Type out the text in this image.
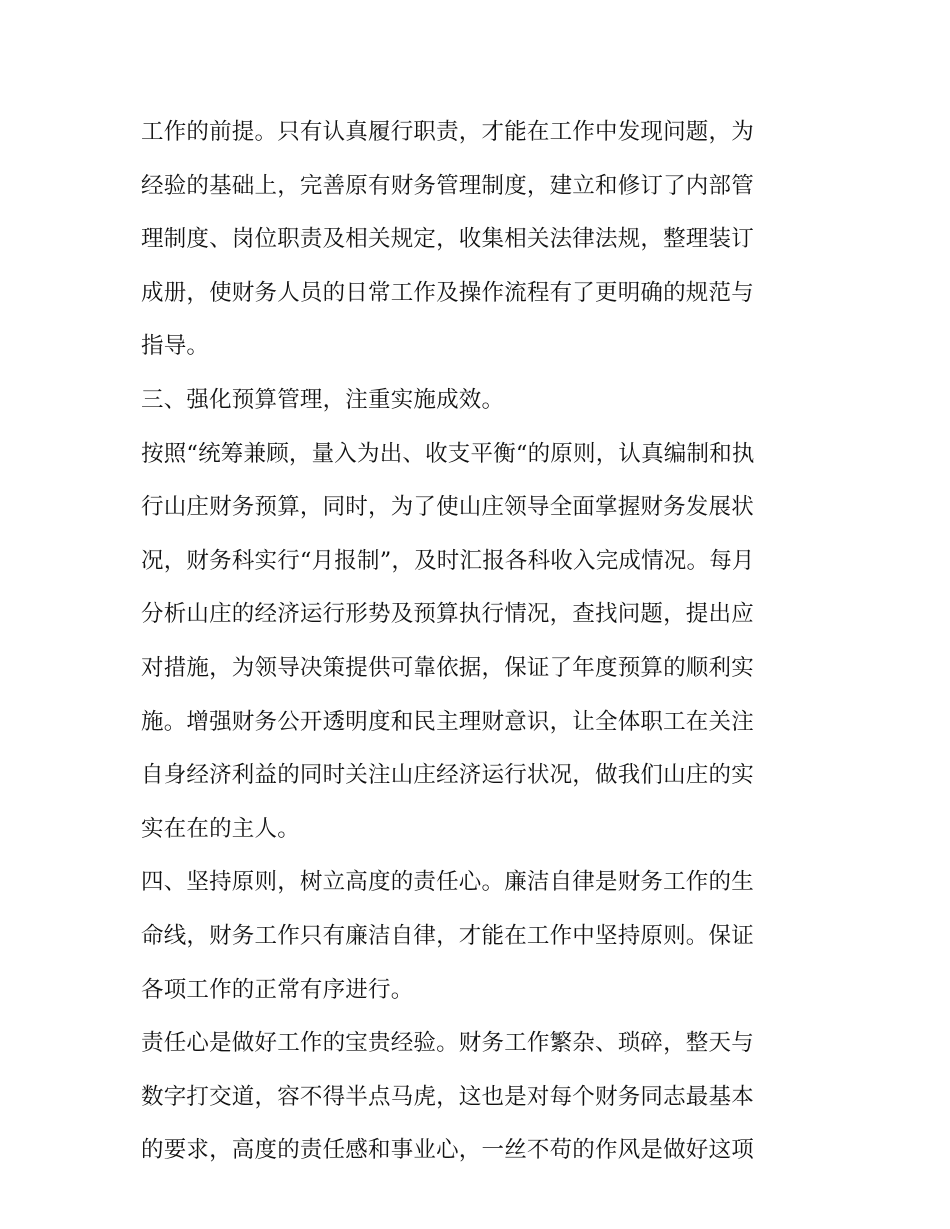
工作的前提。只有认真履行职责，才能在工作中发现问题，为
经验的基础上，完善原有财务管理制度，建立和修订了内部管
理制度、岗位职责及相关规定，收集相关法律法规，整理装订
成册，使财务人员的日常工作及操作流程有了更明确的规范与
指导。
三、强化预算管理，注重实施成效。
按照“统筹兼顾，量入为出、收支平衡“的原则，认真编制和执
行山庄财务预算，同时，为了使山庄领导全面掌握财务发展状
况，财务科实行“月报制”，及时汇报各科收入完成情况。每月
分析山庄的经济运行形势及预算执行情况，查找问题，提出应
对措施，为领导决策提供可靠依据，保证了年度预算的顺利实
施。增强财务公开透明度和民主理财意识，让全体职工在关注
自身经济利益的同时关注山庄经济运行状况，做我们山庄的实
实在在的主人。
四、坚持原则，树立高度的责任心。廉洁自律是财务工作的生
命线，财务工作只有廉洁自律，才能在工作中坚持原则。保证
各项工作的正常有序进行。
责任心是做好工作的宝贵经验。财务工作繁杂、琐碎，整天与
数字打交道，容不得半点马虎，这也是对每个财务同志最基本
的要求，高度的责任感和事业心，一丝不苟的作风是做好这项
